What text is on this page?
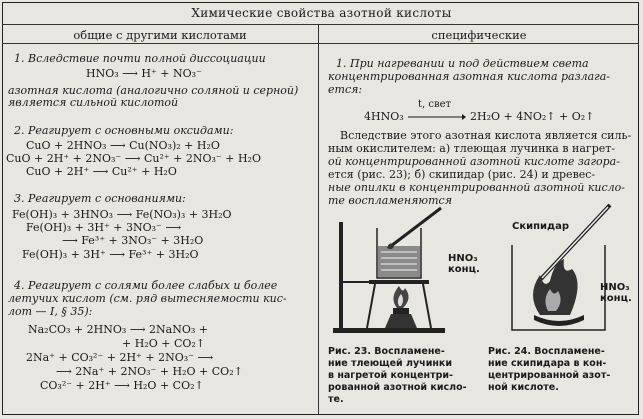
Химические свойства азотной кислоты
общие с другими кислотами	специфические
1. Вследствие почти полной диссоциации
HNO₃ ⟶ H⁺ + NO₃⁻
азотная кислота (аналогично соляной и серной)
является сильной кислотой
2. Реагирует с основными оксидами:
CuO + 2HNO₃ ⟶ Cu(NO₃)₂ + H₂O
CuO + 2H⁺ + 2NO₃⁻ ⟶ Cu²⁺ + 2NO₃⁻ + H₂O
CuO + 2H⁺ ⟶ Cu²⁺ + H₂O
3. Реагирует с основаниями:
Fe(OH)₃ + 3HNO₃ ⟶ Fe(NO₃)₃ + 3H₂O
Fe(OH)₃ + 3H⁺ + 3NO₃⁻ ⟶
⟶ Fe³⁺ + 3NO₃⁻ + 3H₂O
Fe(OH)₃ + 3H⁺ ⟶ Fe³⁺ + 3H₂O
4. Реагирует с солями более слабых и более
летучих кислот (см. ряд вытесняемости кис-
лот — I, § 35):
Na₂CO₃ + 2HNO₃ ⟶ 2NaNO₃ +
+ H₂O + CO₂↑
2Na⁺ + CO₃²⁻ + 2H⁺ + 2NO₃⁻ ⟶
⟶ 2Na⁺ + 2NO₃⁻ + H₂O + CO₂↑
CO₃²⁻ + 2H⁺ ⟶ H₂O + CO₂↑
1. При нагревании и под действием света
концентрированная азотная кислота разлага-
ется:
4HNO₃
t, свет
2H₂O + 4NO₂↑ + O₂↑
Вследствие этого азотная кислота является силь-
ным окислителем: а) тлеющая лучинка в нагрет-
ой концентрированной азотной кислоте загора-
ется (рис. 23); б) скипидар (рис. 24) и древес-
ные опилки в концентрированной азотной кисло-
те воспламеняются
HNO₃
конц.
Скипидар
HNO₃
конц.
Рис. 23. Воспламене-
ние тлеющей лучинки
в нагретой концентри-
рованной азотной кисло-
те.
Рис. 24. Воспламене-
ние скипидара в кон-
центрированной азот-
ной кислоте.
